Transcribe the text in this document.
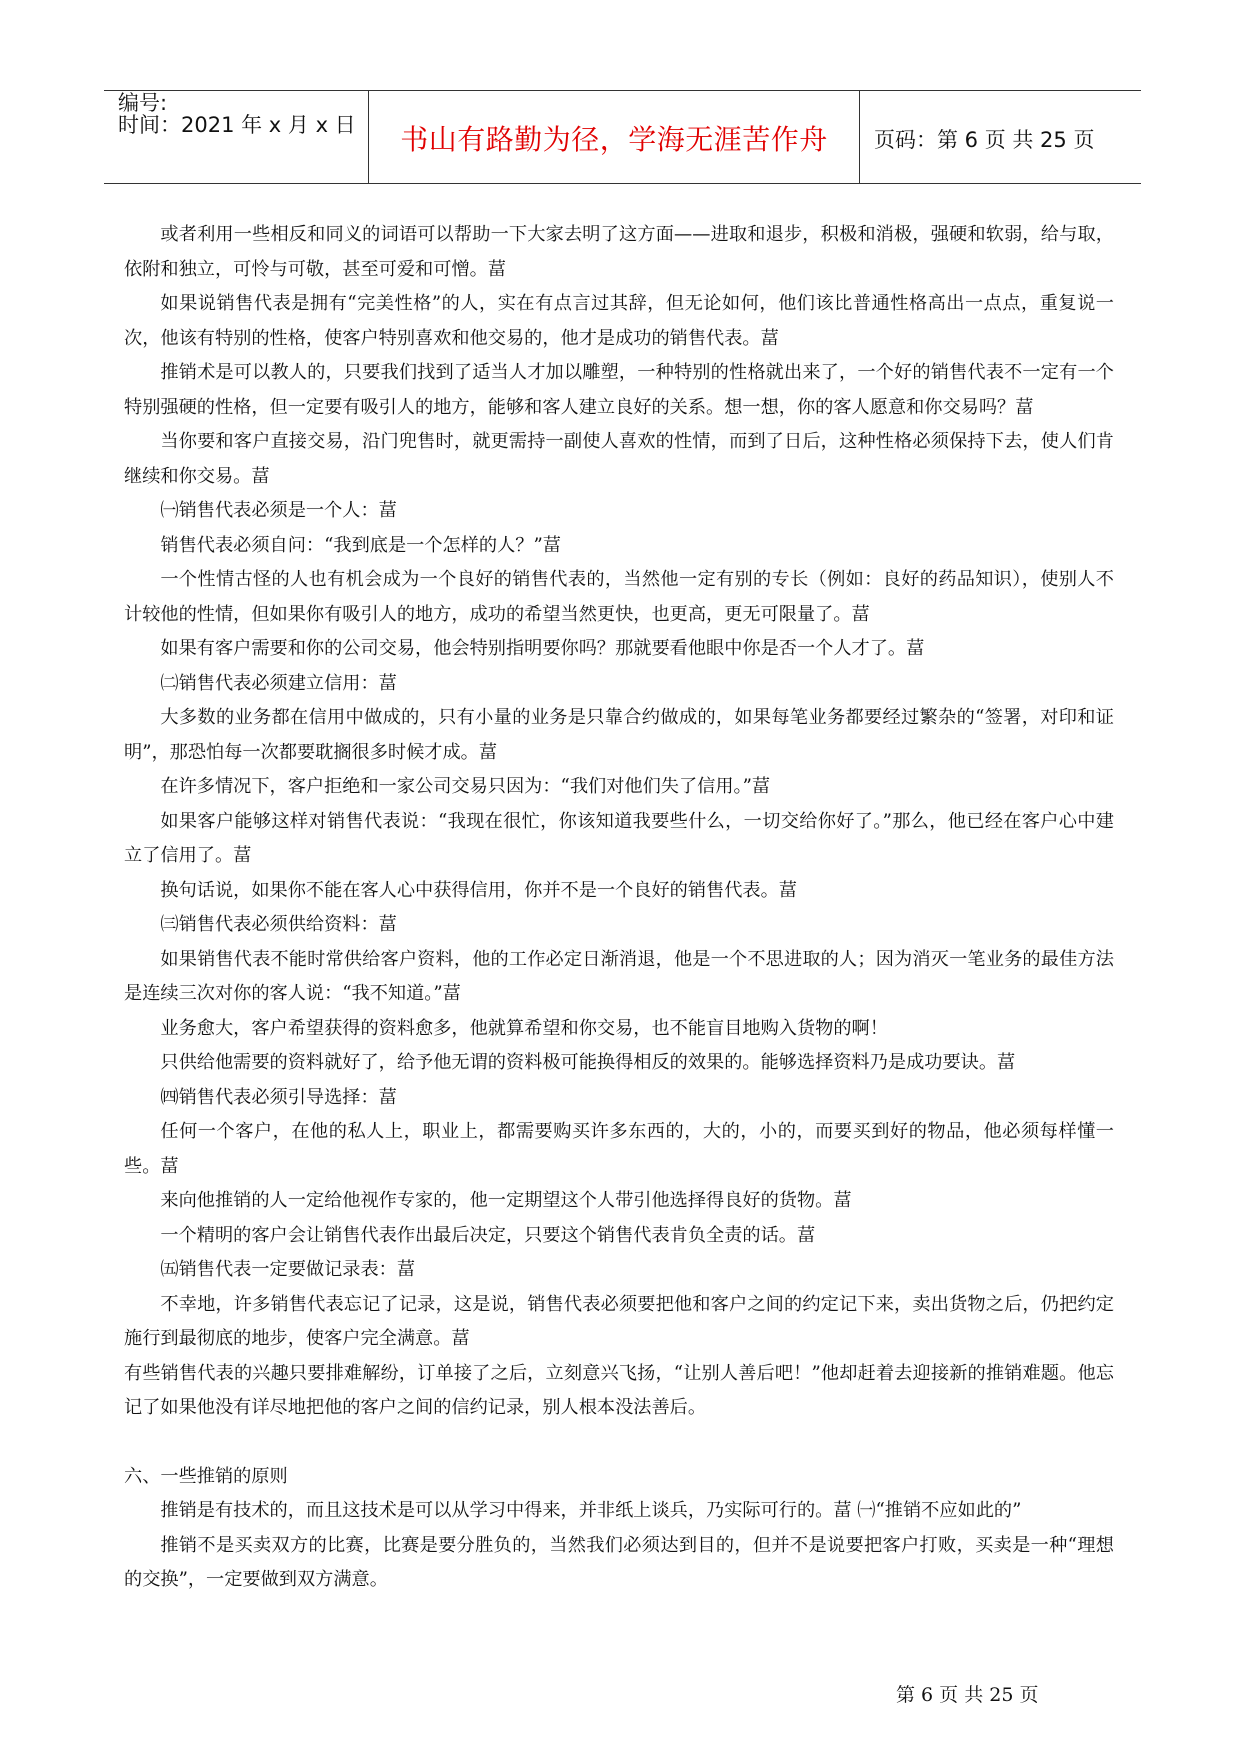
编号:
时间：2021 年 x 月 x 日	书山有路勤为径，学海无涯苦作舟	页码：第 6 页 共 25 页

或者利用一些相反和同义的词语可以帮助一下大家去明了这方面——进取和退步，积极和消极，强硬和软弱，给与取，依附和独立，可怜与可敬，甚至可爱和可憎。葍

如果说销售代表是拥有“完美性格”的人，实在有点言过其辞，但无论如何，他们该比普通性格高出一点点，重复说一次，他该有特别的性格，使客户特别喜欢和他交易的，他才是成功的销售代表。葍

推销术是可以教人的，只要我们找到了适当人才加以雕塑，一种特别的性格就出来了，一个好的销售代表不一定有一个特别强硬的性格，但一定要有吸引人的地方，能够和客人建立良好的关系。想一想，你的客人愿意和你交易吗？葍

当你要和客户直接交易，沿门兜售时，就更需持一副使人喜欢的性情，而到了日后，这种性格必须保持下去，使人们肯继续和你交易。葍

㈠销售代表必须是一个人：葍

销售代表必须自问：“我到底是一个怎样的人？”葍

一个性情古怪的人也有机会成为一个良好的销售代表的，当然他一定有别的专长（例如：良好的药品知识），使别人不计较他的性情，但如果你有吸引人的地方，成功的希望当然更快，也更高，更无可限量了。葍

如果有客户需要和你的公司交易，他会特别指明要你吗？那就要看他眼中你是否一个人才了。葍

㈡销售代表必须建立信用：葍

大多数的业务都在信用中做成的，只有小量的业务是只靠合约做成的，如果每笔业务都要经过繁杂的“签署，对印和证明”，那恐怕每一次都要耽搁很多时候才成。葍

在许多情况下，客户拒绝和一家公司交易只因为：“我们对他们失了信用。”葍

如果客户能够这样对销售代表说：“我现在很忙，你该知道我要些什么，一切交给你好了。”那么，他已经在客户心中建立了信用了。葍

换句话说，如果你不能在客人心中获得信用，你并不是一个良好的销售代表。葍

㈢销售代表必须供给资料：葍

如果销售代表不能时常供给客户资料，他的工作必定日渐消退，他是一个不思进取的人；因为消灭一笔业务的最佳方法是连续三次对你的客人说：“我不知道。”葍

业务愈大，客户希望获得的资料愈多，他就算希望和你交易，也不能盲目地购入货物的啊！

只供给他需要的资料就好了，给予他无谓的资料极可能换得相反的效果的。能够选择资料乃是成功要诀。葍

㈣销售代表必须引导选择：葍

任何一个客户，在他的私人上，职业上，都需要购买许多东西的，大的，小的，而要买到好的物品，他必须每样懂一些。葍

来向他推销的人一定给他视作专家的，他一定期望这个人带引他选择得良好的货物。葍

一个精明的客户会让销售代表作出最后决定，只要这个销售代表肯负全责的话。葍

㈤销售代表一定要做记录表：葍

不幸地，许多销售代表忘记了记录，这是说，销售代表必须要把他和客户之间的约定记下来，卖出货物之后，仍把约定施行到最彻底的地步，使客户完全满意。葍

有些销售代表的兴趣只要排难解纷，订单接了之后，立刻意兴飞扬，“让别人善后吧！”他却赶着去迎接新的推销难题。他忘记了如果他没有详尽地把他的客户之间的信约记录，别人根本没法善后。

六、一些推销的原则

推销是有技术的，而且这技术是可以从学习中得来，并非纸上谈兵，乃实际可行的。葍 ㈠“推销不应如此的”

推销不是买卖双方的比赛，比赛是要分胜负的，当然我们必须达到目的，但并不是说要把客户打败，买卖是一种“理想的交换”，一定要做到双方满意。

第 6 页 共 25 页
